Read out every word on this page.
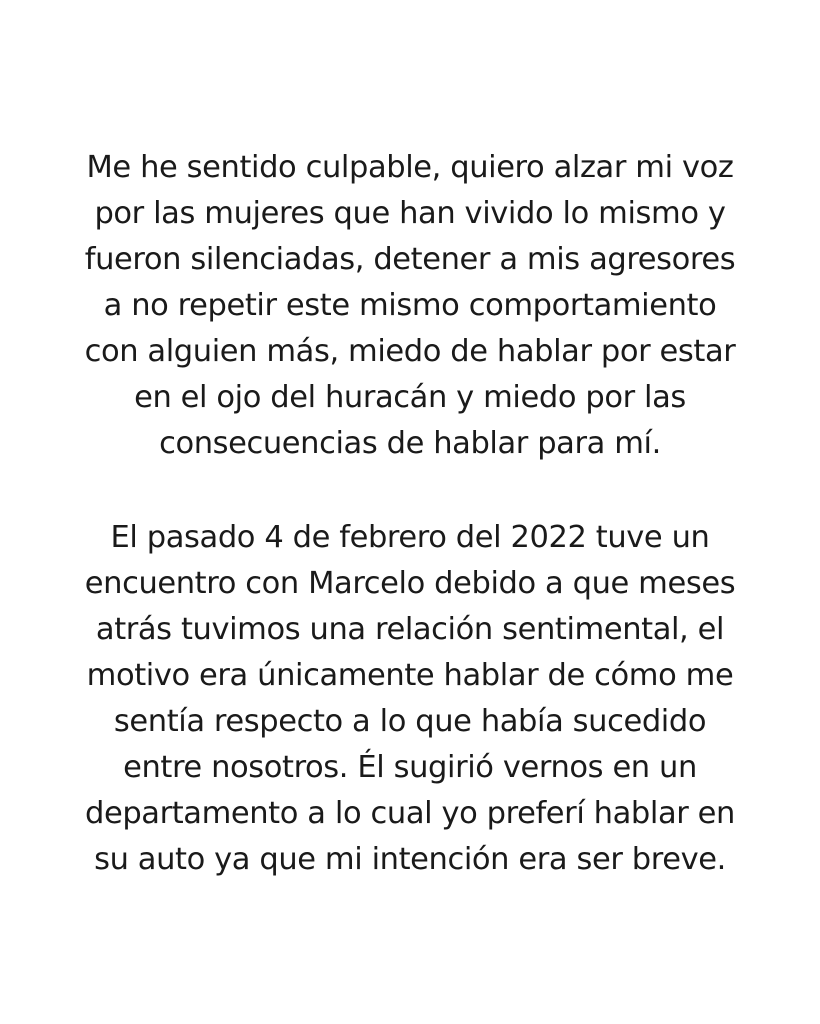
Me he sentido culpable, quiero alzar mi voz
por las mujeres que han vivido lo mismo y
fueron silenciadas, detener a mis agresores
a no repetir este mismo comportamiento
con alguien más, miedo de hablar por estar
en el ojo del huracán y miedo por las
consecuencias de hablar para mí.
El pasado 4 de febrero del 2022 tuve un
encuentro con Marcelo debido a que meses
atrás tuvimos una relación sentimental, el
motivo era únicamente hablar de cómo me
sentía respecto a lo que había sucedido
entre nosotros. Él sugirió vernos en un
departamento a lo cual yo preferí hablar en
su auto ya que mi intención era ser breve.
